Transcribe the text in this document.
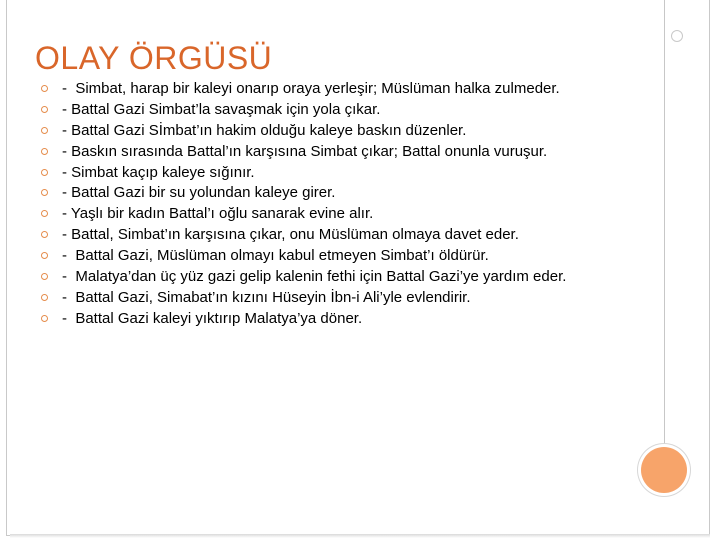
OLAY ÖRGÜSÜ
-  Simbat, harap bir kaleyi onarıp oraya yerleşir; Müslüman halka zulmeder.
- Battal Gazi Simbat’la savaşmak için yola çıkar.
- Battal Gazi Sİmbat’ın hakim olduğu kaleye baskın düzenler.
- Baskın sırasında Battal’ın karşısına Simbat çıkar; Battal onunla vuruşur.
- Simbat kaçıp kaleye sığınır.
- Battal Gazi bir su yolundan kaleye girer.
- Yaşlı bir kadın Battal’ı oğlu sanarak evine alır.
- Battal, Simbat’ın karşısına çıkar, onu Müslüman olmaya davet eder.
-  Battal Gazi, Müslüman olmayı kabul etmeyen Simbat’ı öldürür.
-  Malatya’dan üç yüz gazi gelip kalenin fethi için Battal Gazi’ye yardım eder.
-  Battal Gazi, Simabat’ın kızını Hüseyin İbn-i Ali’yle evlendirir.
-  Battal Gazi kaleyi yıktırıp Malatya’ya döner.
